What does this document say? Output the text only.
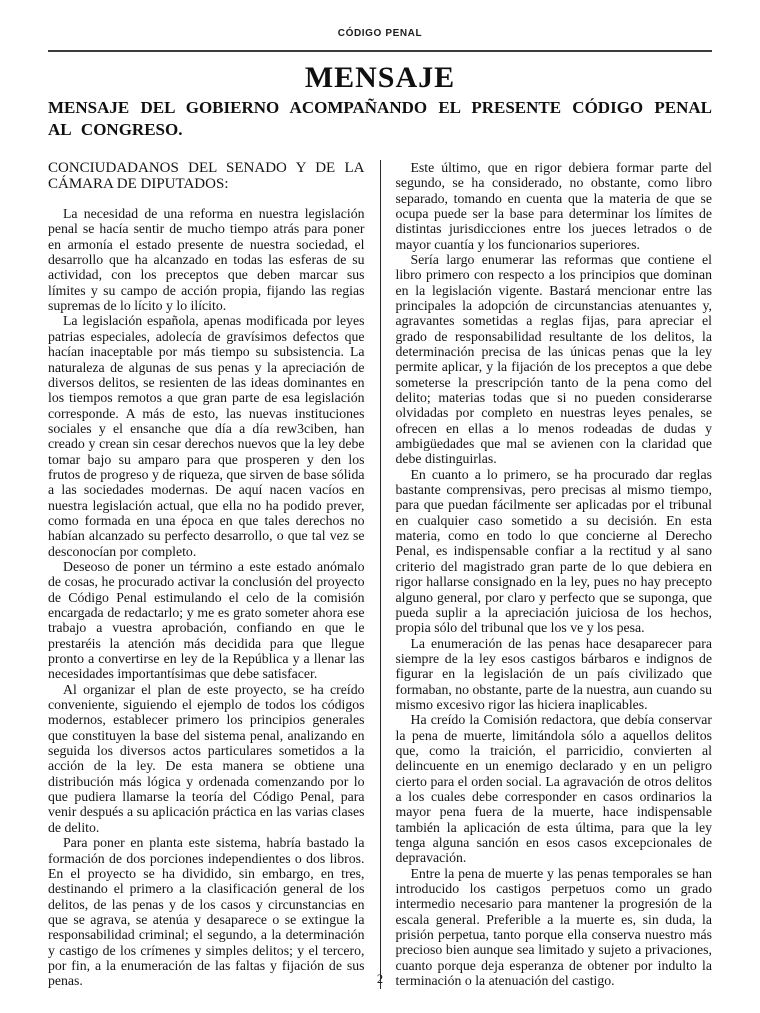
CÓDIGO PENAL
MENSAJE
MENSAJE DEL GOBIERNO ACOMPAÑANDO EL PRESENTE CÓDIGO PENAL AL CONGRESO.

CONCIUDADANOS DEL SENADO Y DE LA CÁMARA DE DIPUTADOS:

La necesidad de una reforma en nuestra legislación penal se hacía sentir de mucho tiempo atrás para poner en armonía el estado presente de nuestra sociedad, el desarrollo que ha alcanzado en todas las esferas de su actividad, con los preceptos que deben marcar sus límites y su campo de acción propia, fijando las regias supremas de lo lícito y lo ilícito.

La legislación española, apenas modificada por leyes patrias especiales, adolecía de gravísimos defectos que hacían inaceptable por más tiempo su subsistencia. La naturaleza de algunas de sus penas y la apreciación de diversos delitos, se resienten de las ideas dominantes en los tiempos remotos a que gran parte de esa legislación corresponde. A más de esto, las nuevas instituciones sociales y el ensanche que día a día rew3ciben, han creado y crean sin cesar derechos nuevos que la ley debe tomar bajo su amparo para que prosperen y den los frutos de progreso y de riqueza, que sirven de base sólida a las sociedades modernas. De aquí nacen vacíos en nuestra legislación actual, que ella no ha podido prever, como formada en una época en que tales derechos no habían alcanzado su perfecto desarrollo, o que tal vez se desconocían por completo.

Deseoso de poner un término a este estado anómalo de cosas, he procurado activar la conclusión del proyecto de Código Penal estimulando el celo de la comisión encargada de redactarlo; y me es grato someter ahora ese trabajo a vuestra aprobación, confiando en que le prestaréis la atención más decidida para que llegue pronto a convertirse en ley de la República y a llenar las necesidades importantísimas que debe satisfacer.

Al organizar el plan de este proyecto, se ha creído conveniente, siguiendo el ejemplo de todos los códigos modernos, establecer primero los principios generales que constituyen la base del sistema penal, analizando en seguida los diversos actos particulares sometidos a la acción de la ley. De esta manera se obtiene una distribución más lógica y ordenada comenzando por lo que pudiera llamarse la teoría del Código Penal, para venir después a su aplicación práctica en las varias clases de delito.

Para poner en planta este sistema, habría bastado la formación de dos porciones independientes o dos libros. En el proyecto se ha dividido, sin embargo, en tres, destinando el primero a la clasificación general de los delitos, de las penas y de los casos y circunstancias en que se agrava, se atenúa y desaparece o se extingue la responsabilidad criminal; el segundo, a la determinación y castigo de los crímenes y simples delitos; y el tercero, por fin, a la enumeración de las faltas y fijación de sus penas.

Este último, que en rigor debiera formar parte del segundo, se ha considerado, no obstante, como libro separado, tomando en cuenta que la materia de que se ocupa puede ser la base para determinar los límites de distintas jurisdicciones entre los jueces letrados o de mayor cuantía y los funcionarios superiores.

Sería largo enumerar las reformas que contiene el libro primero con respecto a los principios que dominan en la legislación vigente. Bastará mencionar entre las principales la adopción de circunstancias atenuantes y, agravantes sometidas a reglas fijas, para apreciar el grado de responsabilidad resultante de los delitos, la determinación precisa de las únicas penas que la ley permite aplicar, y la fijación de los preceptos a que debe someterse la prescripción tanto de la pena como del delito; materias todas que si no pueden considerarse olvidadas por completo en nuestras leyes penales, se ofrecen en ellas a lo menos rodeadas de dudas y ambigüedades que mal se avienen con la claridad que debe distinguirlas.

En cuanto a lo primero, se ha procurado dar reglas bastante comprensivas, pero precisas al mismo tiempo, para que puedan fácilmente ser aplicadas por el tribunal en cualquier caso sometido a su decisión. En esta materia, como en todo lo que concierne al Derecho Penal, es indispensable confiar a la rectitud y al sano criterio del magistrado gran parte de lo que debiera en rigor hallarse consignado en la ley, pues no hay precepto alguno general, por claro y perfecto que se suponga, que pueda suplir a la apreciación juiciosa de los hechos, propia sólo del tribunal que los ve y los pesa.

La enumeración de las penas hace desaparecer para siempre de la ley esos castigos bárbaros e indignos de figurar en la legislación de un país civilizado que formaban, no obstante, parte de la nuestra, aun cuando su mismo excesivo rigor las hiciera inaplicables.

Ha creído la Comisión redactora, que debía conservar la pena de muerte, limitándola sólo a aquellos delitos que, como la traición, el parricidio, convierten al delincuente en un enemigo declarado y en un peligro cierto para el orden social. La agravación de otros delitos a los cuales debe corresponder en casos ordinarios la mayor pena fuera de la muerte, hace indispensable también la aplicación de esta última, para que la ley tenga alguna sanción en esos casos excepcionales de depravación.

Entre la pena de muerte y las penas temporales se han introducido los castigos perpetuos como un grado intermedio necesario para mantener la progresión de la escala general. Preferible a la muerte es, sin duda, la prisión perpetua, tanto porque ella conserva nuestro más precioso bien aunque sea limitado y sujeto a privaciones, cuanto porque deja esperanza de obtener por indulto la terminación o la atenuación del castigo.

2
